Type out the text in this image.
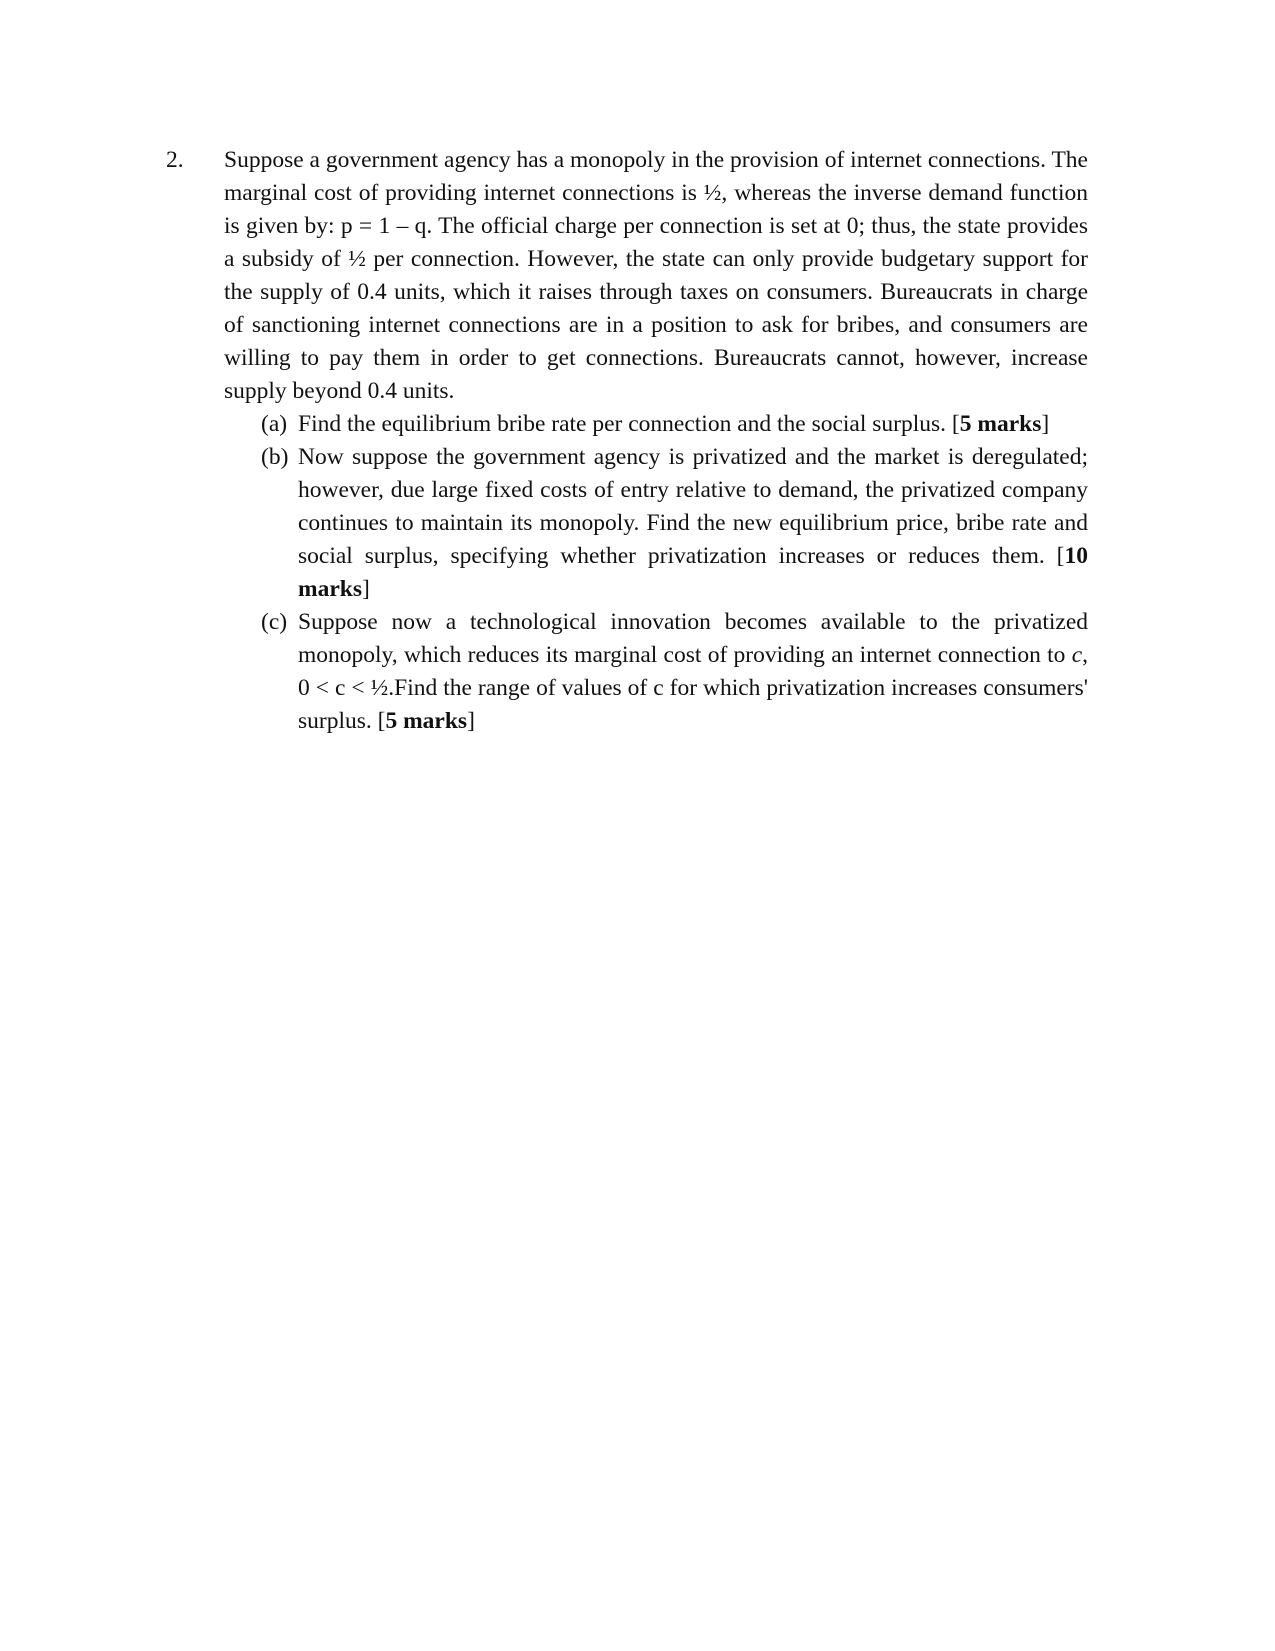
2. Suppose a government agency has a monopoly in the provision of internet connections. The marginal cost of providing internet connections is ½, whereas the inverse demand function is given by: p = 1 – q. The official charge per connection is set at 0; thus, the state provides a subsidy of ½ per connection. However, the state can only provide budgetary support for the supply of 0.4 units, which it raises through taxes on consumers. Bureaucrats in charge of sanctioning internet connections are in a position to ask for bribes, and consumers are willing to pay them in order to get connections. Bureaucrats cannot, however, increase supply beyond 0.4 units.

(a) Find the equilibrium bribe rate per connection and the social surplus. [5 marks]
(b) Now suppose the government agency is privatized and the market is deregulated; however, due large fixed costs of entry relative to demand, the privatized company continues to maintain its monopoly. Find the new equilibrium price, bribe rate and social surplus, specifying whether privatization increases or reduces them. [10 marks]
(c) Suppose now a technological innovation becomes available to the privatized monopoly, which reduces its marginal cost of providing an internet connection to c, 0 < c < ½.Find the range of values of c for which privatization increases consumers' surplus. [5 marks]
